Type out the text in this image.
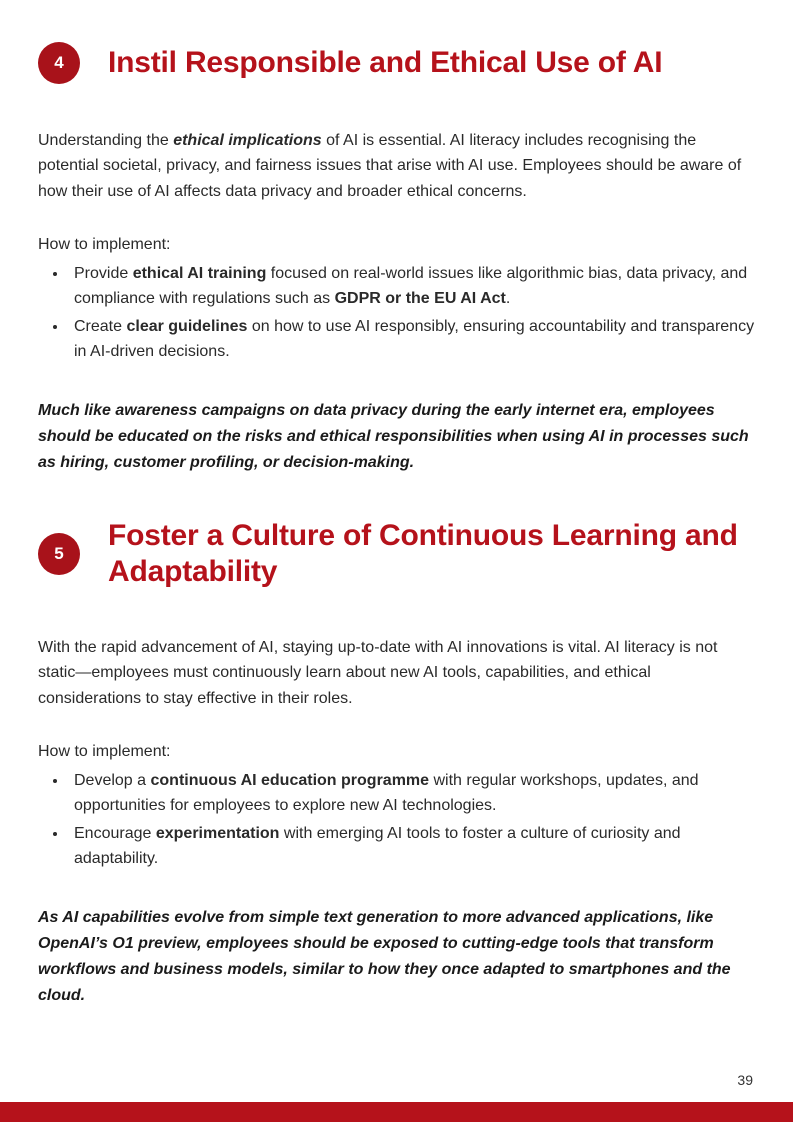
4 Instil Responsible and Ethical Use of AI

Understanding the ethical implications of AI is essential. AI literacy includes recognising the potential societal, privacy, and fairness issues that arise with AI use. Employees should be aware of how their use of AI affects data privacy and broader ethical concerns.

How to implement:

• Provide ethical AI training focused on real-world issues like algorithmic bias, data privacy, and compliance with regulations such as GDPR or the EU AI Act.
• Create clear guidelines on how to use AI responsibly, ensuring accountability and transparency in AI-driven decisions.

Much like awareness campaigns on data privacy during the early internet era, employees should be educated on the risks and ethical responsibilities when using AI in processes such as hiring, customer profiling, or decision-making.

5
Foster a Culture of Continuous Learning and Adaptability

With the rapid advancement of AI, staying up-to-date with AI innovations is vital. AI literacy is not static—employees must continuously learn about new AI tools, capabilities, and ethical considerations to stay effective in their roles.

How to implement:

• Develop a continuous AI education programme with regular workshops, updates, and opportunities for employees to explore new AI technologies.
• Encourage experimentation with emerging AI tools to foster a culture of curiosity and adaptability.

As AI capabilities evolve from simple text generation to more advanced applications, like OpenAI’s O1 preview, employees should be exposed to cutting-edge tools that transform workflows and business models, similar to how they once adapted to smartphones and the cloud.

39
